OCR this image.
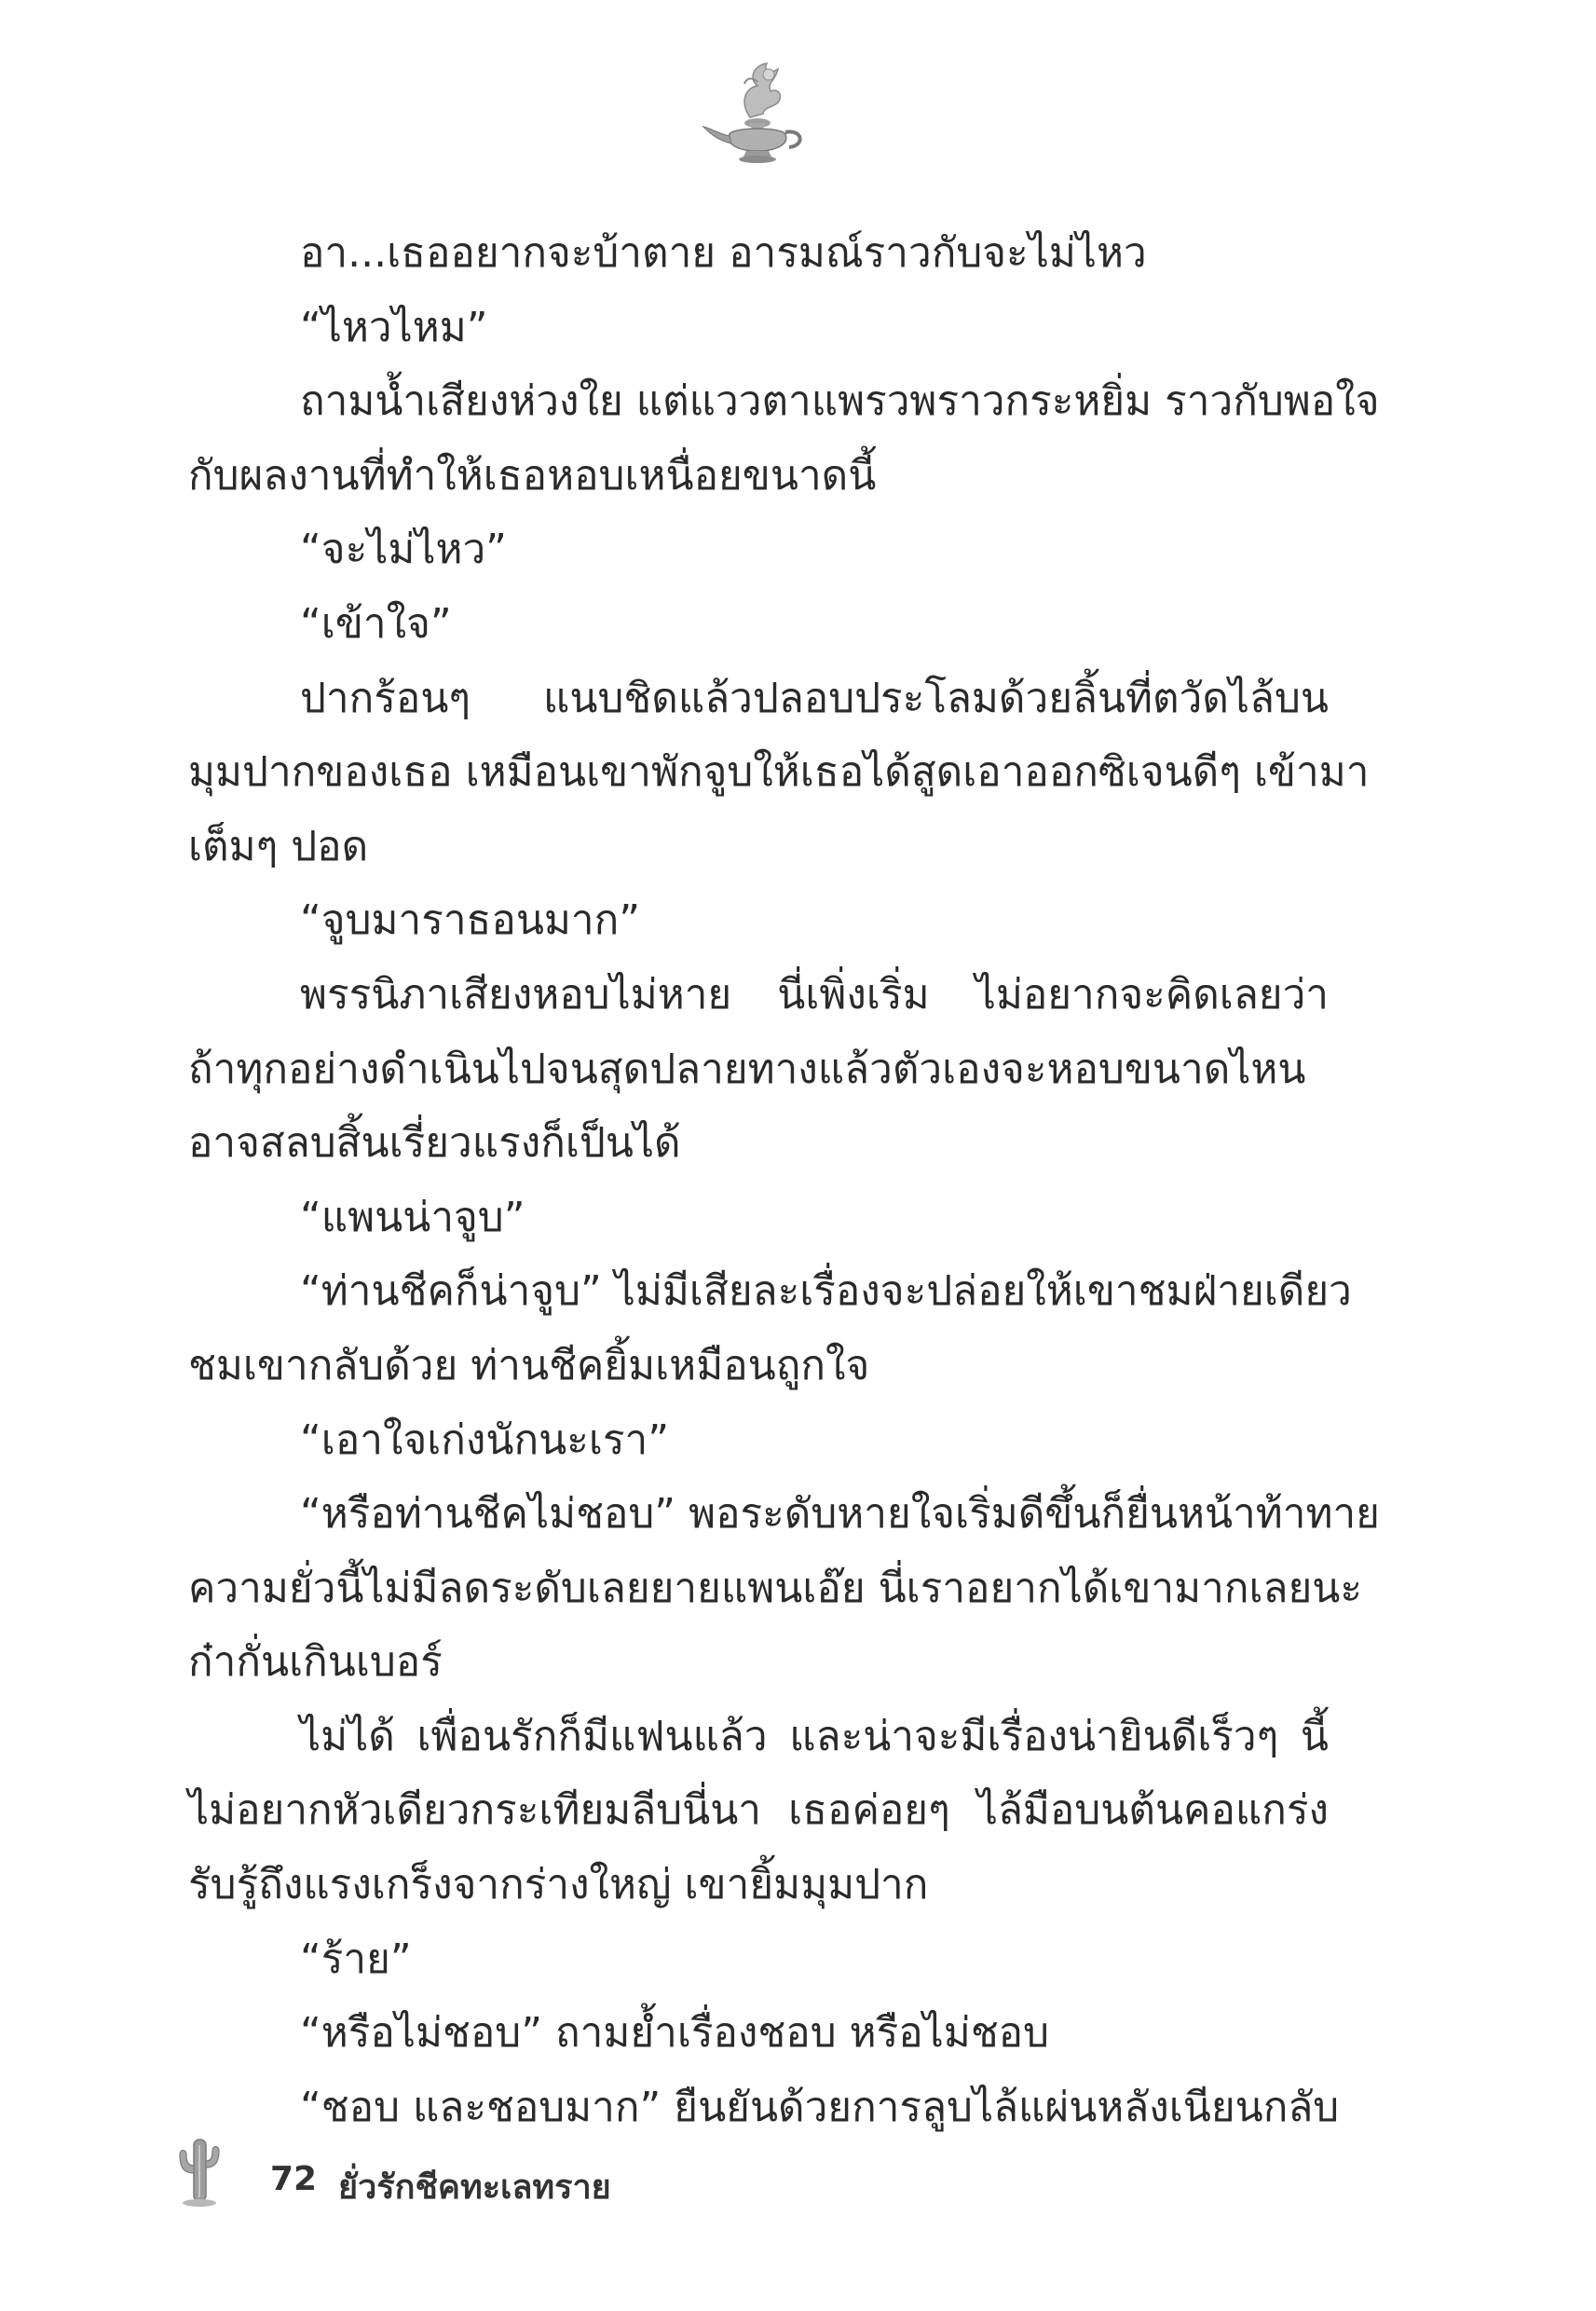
อา...เธออยากจะบ้าตาย อารมณ์ราวกับจะไม่ไหว
“ไหวไหม”
ถามน้ำเสียงห่วงใย แต่แววตาแพรวพราวกระหยิ่ม ราวกับพอใจ
กับผลงานที่ทำให้เธอหอบเหนื่อยขนาดนี้
“จะไม่ไหว”
“เข้าใจ”
ปากร้อนๆ แนบชิดแล้วปลอบประโลมด้วยลิ้นที่ตวัดไล้บน
มุมปากของเธอ เหมือนเขาพักจูบให้เธอได้สูดเอาออกซิเจนดีๆ เข้ามา
เต็มๆ ปอด
“จูบมาราธอนมาก”
พรรนิภาเสียงหอบไม่หาย นี่เพิ่งเริ่ม ไม่อยากจะคิดเลยว่า
ถ้าทุกอย่างดำเนินไปจนสุดปลายทางแล้วตัวเองจะหอบขนาดไหน
อาจสลบสิ้นเรี่ยวแรงก็เป็นได้
“แพนน่าจูบ”
“ท่านชีคก็น่าจูบ” ไม่มีเสียละเรื่องจะปล่อยให้เขาชมฝ่ายเดียว
ชมเขากลับด้วย ท่านชีคยิ้มเหมือนถูกใจ
“เอาใจเก่งนักนะเรา”
“หรือท่านชีคไม่ชอบ” พอระดับหายใจเริ่มดีขึ้นก็ยื่นหน้าท้าทาย
ความยั่วนี้ไม่มีลดระดับเลยยายแพนเอ๊ย นี่เราอยากได้เขามากเลยนะ
ก๋ากั่นเกินเบอร์
ไม่ได้ เพื่อนรักก็มีแฟนแล้ว และน่าจะมีเรื่องน่ายินดีเร็วๆ นี้
ไม่อยากหัวเดียวกระเทียมลีบนี่นา เธอค่อยๆ ไล้มือบนต้นคอแกร่ง
รับรู้ถึงแรงเกร็งจากร่างใหญ่ เขายิ้มมุมปาก
“ร้าย”
“หรือไม่ชอบ” ถามย้ำเรื่องชอบ หรือไม่ชอบ
“ชอบ และชอบมาก” ยืนยันด้วยการลูบไล้แผ่นหลังเนียนกลับ
72 ยั่วรักชีคทะเลทราย
